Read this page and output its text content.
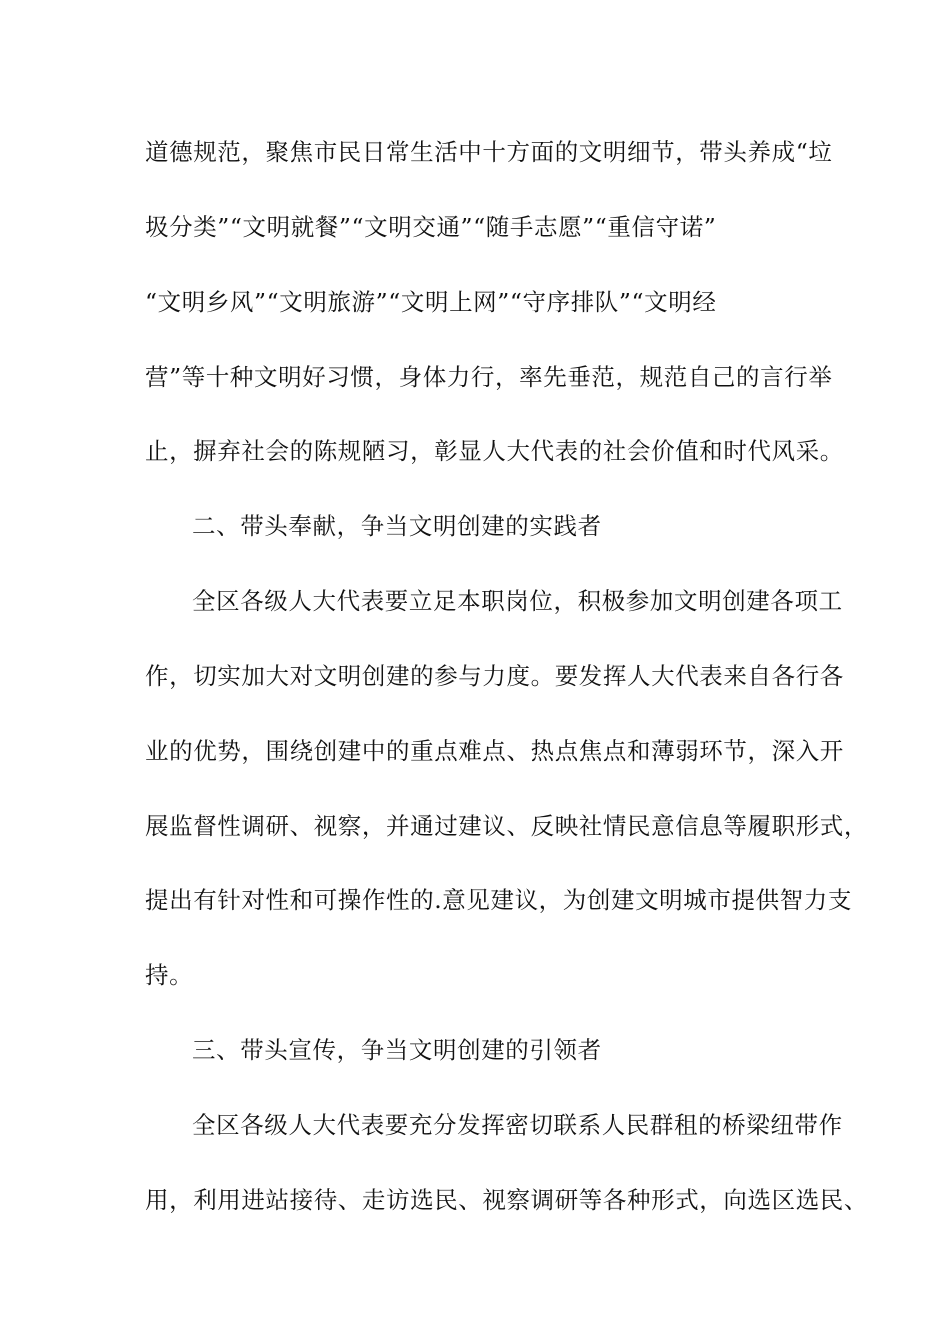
道德规范，聚焦市民日常生活中十方面的文明细节，带头养成“垃
圾分类”“文明就餐”“文明交通”“随手志愿”“重信守诺”
“文明乡风”“文明旅游”“文明上网”“守序排队”“文明经
营”等十种文明好习惯，身体力行，率先垂范，规范自己的言行举
止，摒弃社会的陈规陋习，彰显人大代表的社会价值和时代风采。
二、带头奉献，争当文明创建的实践者
全区各级人大代表要立足本职岗位，积极参加文明创建各项工
作，切实加大对文明创建的参与力度。要发挥人大代表来自各行各
业的优势，围绕创建中的重点难点、热点焦点和薄弱环节，深入开
展监督性调研、视察，并通过建议、反映社情民意信息等履职形式，
提出有针对性和可操作性的.意见建议，为创建文明城市提供智力支
持。
三、带头宣传，争当文明创建的引领者
全区各级人大代表要充分发挥密切联系人民群租的桥梁纽带作
用，利用进站接待、走访选民、视察调研等各种形式，向选区选民、
